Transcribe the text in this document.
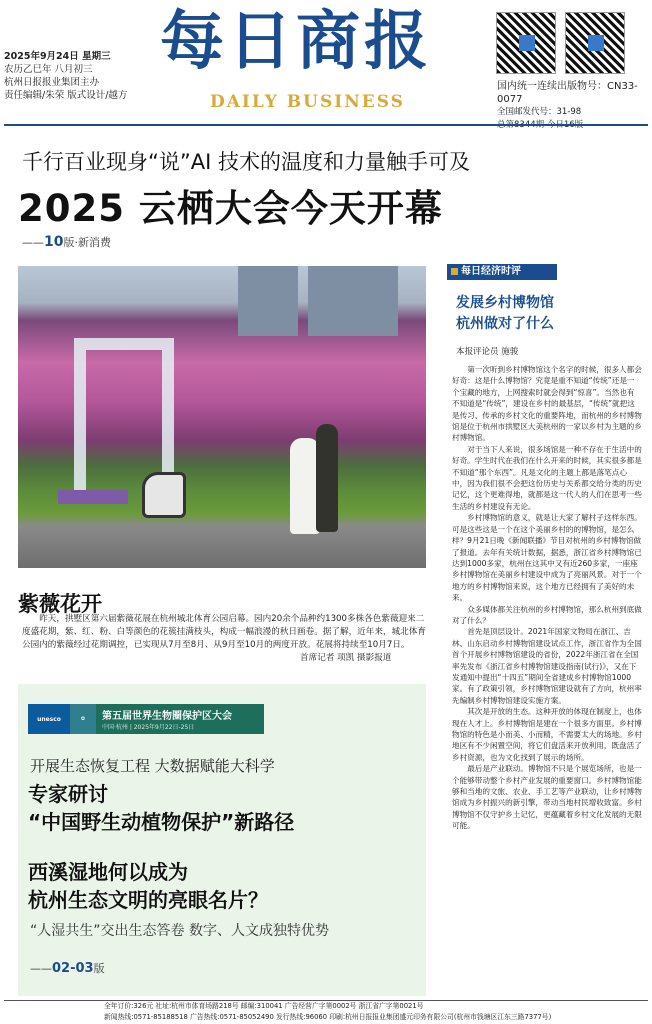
2025年9月24日 星期三
农历乙巳年 八月初三
杭州日报报业集团主办
责任编辑/朱荣 版式设计/越方
每日商报
DAILY BUSINESS
国内统一连续出版物号：CN33-0077
全国邮发代号：31-98
千行百业现身“说”AI 技术的温度和力量触手可及
2025 云栖大会今天开幕
——10版·新消费
紫薇花开
昨天，拱墅区第六届紫薇花展在杭州城北体育公园启幕。园内20余个品种约1300多株各色紫薇迎来二度盛花期，紫、红、粉、白等颜色的花簇挂满枝头，构成一幅浪漫的秋日画卷。据了解，近年来，城北体育公园内的紫薇经过花期调控，已实现从7月至8月、从9月至10月的两度开放。花展将持续至10月7日。
首席记者 项凯 摄影报道
unesco	✿	第五届世界生物圈保护区大会
中国·杭州 | 2025年9月22日-25日
开展生态恢复工程 大数据赋能大科学
专家研讨
“中国野生动植物保护”新路径
西溪湿地何以成为
杭州生态文明的亮眼名片？
“人湿共生”交出生态答卷 数字、人文成独特优势
——02-03版
每日经济时评
发展乡村博物馆
杭州做对了什么
本报评论员 施骏

第一次听到乡村博物馆这个名字的时候，很多人都会好奇：这是什么博物馆？究竟是重不知道“传统”还是一个宝藏的地方，上网搜索时就会得到“惊喜”。当然也有不知道是“传统”，建设在乡村的最基层，“传统”就把这是传习、传承的乡村文化的重要阵地，而杭州的乡村博物馆是位于杭州市拱墅区大美杭州的一家以乡村为主题的乡村博物馆。

对于当下人来说，很多场馆是一种不存在于生活中的好奇。学生时代在我们在什么开来的时候，其实很多都是不知道“那个东西”。凡是文化的主题上都是落笔点心中，因为我们很不会把这份历史与关系都交给分类的历史记忆，这个更难得地，就都是这一代人的人们在思考一些生活的乡村建设有无论。

乡村博物馆的意义，就是让大家了解村子这样东西。可是这些这是一个在这个美丽乡村的的博物馆，是怎么样？9月21日晚《新闻联播》节目对杭州的乡村博物馆做了报道。去年有关统计数据，据悉，浙江省乡村博物馆已达到1000多家，杭州在这其中又有近260多家，一座座乡村博物馆在美丽乡村建设中成为了亮丽风景。对于一个地方的乡村博物馆来说，这个地方已经拥有了美好的未来。

众多媒体都关注杭州的乡村博物馆，那么杭州到底做对了什么？

首先是顶层设计。2021年国家文物局在浙江、吉林、山东启动乡村博物馆建设试点工作，浙江省作为全国首个开展乡村博物馆建设的省份，2022年浙江省在全国率先发布《浙江省乡村博物馆建设指南(试行)》，又在下发通知中提出“十四五”期间全省建成乡村博物馆1000家。有了政策引领，乡村博物馆建设就有了方向，杭州率先编制乡村博物馆建设实施方案。

其次是开放的生态。这种开放的体现在制度上，也体现在人才上。乡村博物馆是建在一个很多方面里。乡村博物馆的特色是小而美、小而精，不需要太大的场地。乡村地区有不少闲置空间，将它们盘活来开放利用，既盘活了乡村资源，也为文化找到了展示的场所。

最后是产业联动。博物馆不只是个展览场所，也是一个能够带动整个乡村产业发展的重要窗口。乡村博物馆能够和当地的文旅、农业、手工艺等产业联动，让乡村博物馆成为乡村振兴的新引擎，带动当地村民增收致富。乡村博物馆不仅守护乡土记忆，更蕴藏着乡村文化发展的无限可能。

全年订价:326元 社址:杭州市体育场路218号 邮编:310041 广告经营广字第0002号 浙江省广字第0021号
新闻热线:0571-85188518 广告热线:0571-85052490 发行热线:96060 印刷:杭州日报报业集团盛元印务有限公司(杭州市钱塘区江东三路7377号)
